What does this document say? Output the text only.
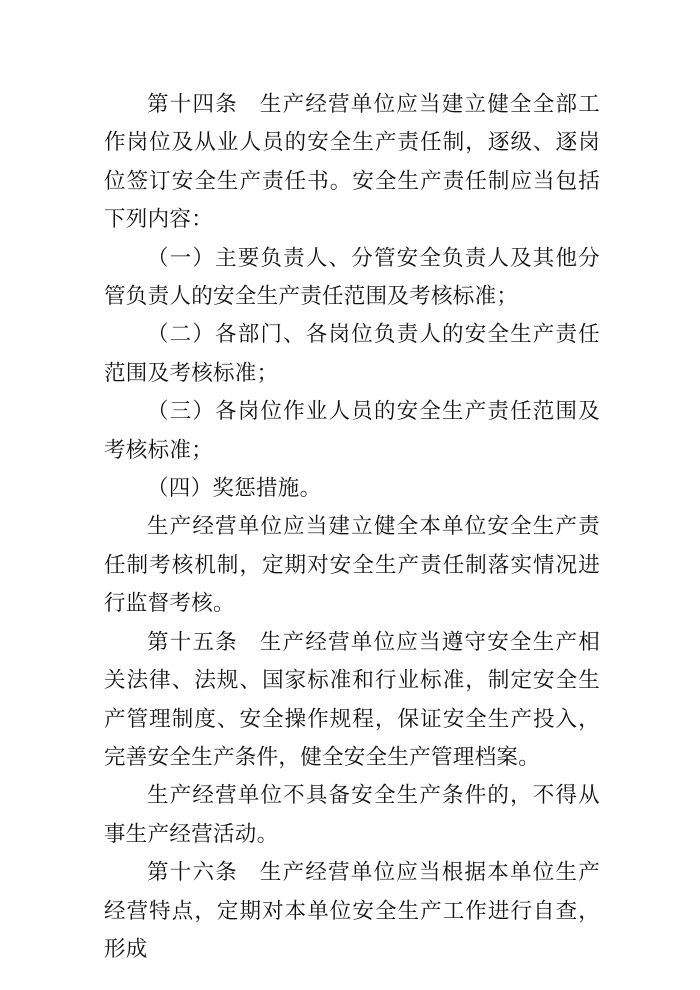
第十四条 生产经营单位应当建立健全全部工作岗位及从业人员的安全生产责任制，逐级、逐岗位签订安全生产责任书。安全生产责任制应当包括下列内容：

（一）主要负责人、分管安全负责人及其他分管负责人的安全生产责任范围及考核标准；

（二）各部门、各岗位负责人的安全生产责任范围及考核标准；

（三）各岗位作业人员的安全生产责任范围及考核标准；

（四）奖惩措施。

生产经营单位应当建立健全本单位安全生产责任制考核机制，定期对安全生产责任制落实情况进行监督考核。

第十五条 生产经营单位应当遵守安全生产相关法律、法规、国家标准和行业标准，制定安全生产管理制度、安全操作规程，保证安全生产投入，完善安全生产条件，健全安全生产管理档案。

生产经营单位不具备安全生产条件的，不得从事生产经营活动。

第十六条 生产经营单位应当根据本单位生产经营特点，定期对本单位安全生产工作进行自查，形成
